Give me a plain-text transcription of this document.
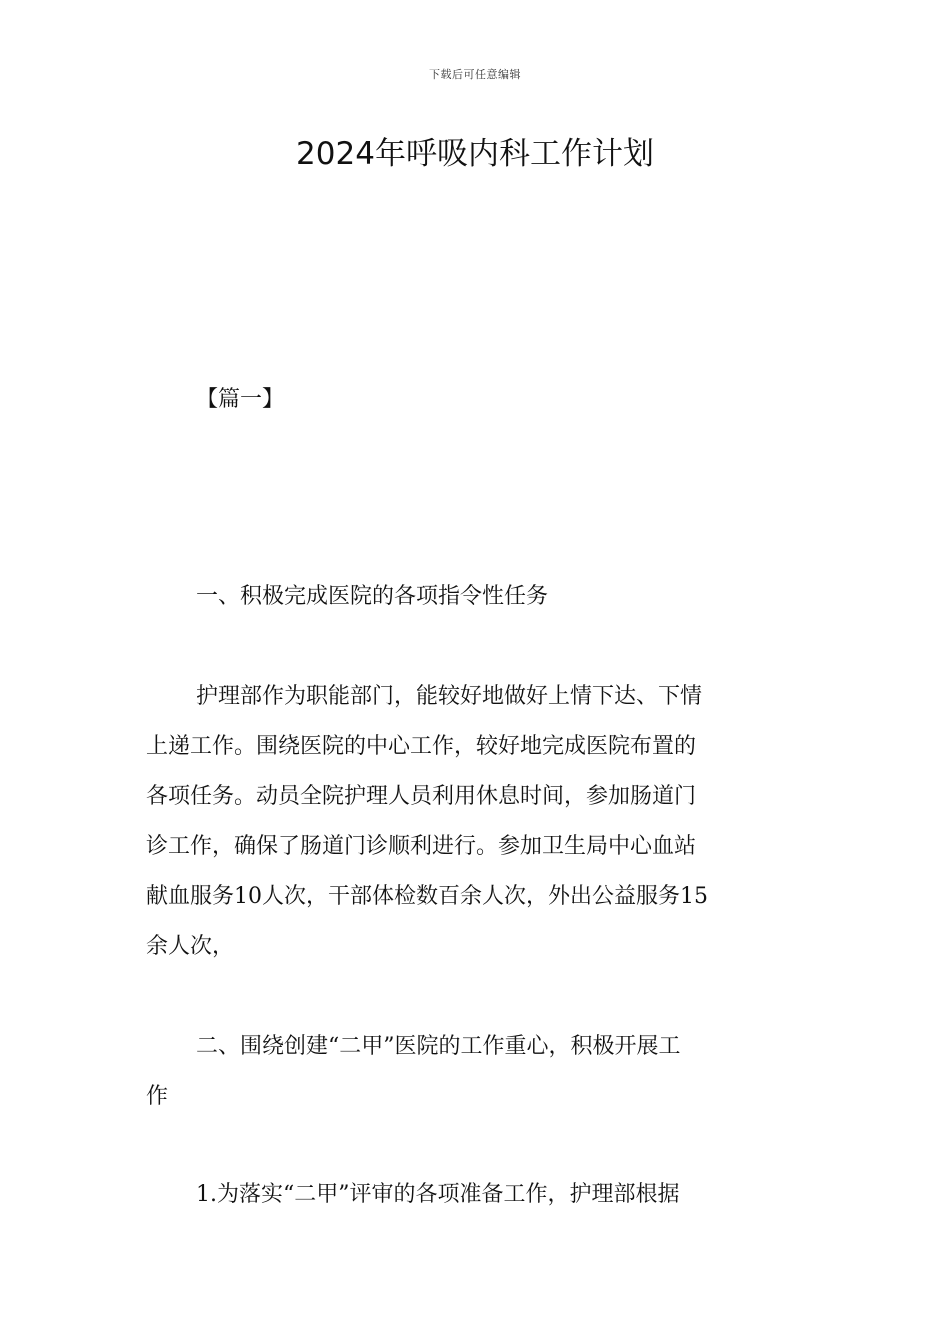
下载后可任意编辑
2024年呼吸内科工作计划
【篇一】

一、积极完成医院的各项指令性任务

护理部作为职能部门，能较好地做好上情下达、下情
上递工作。围绕医院的中心工作，较好地完成医院布置的
各项任务。动员全院护理人员利用休息时间，参加肠道门
诊工作，确保了肠道门诊顺利进行。参加卫生局中心血站
献血服务10人次，干部体检数百余人次，外出公益服务15
余人次，
二、围绕创建“二甲”医院的工作重心，积极开展工
作
1.为落实“二甲”评审的各项准备工作，护理部根据
